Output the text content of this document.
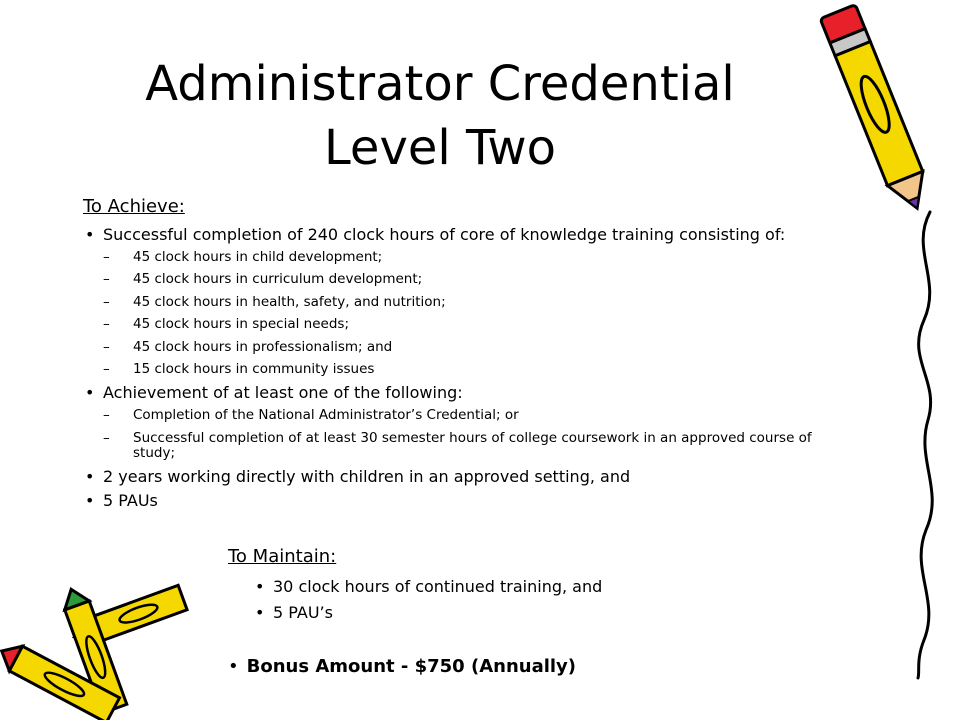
Administrator Credential
Level Two
To Achieve:
• Successful completion of 240 clock hours of core of knowledge training consisting of:
– 45 clock hours in child development;
– 45 clock hours in curriculum development;
– 45 clock hours in health, safety, and nutrition;
– 45 clock hours in special needs;
– 45 clock hours in professionalism; and
– 15 clock hours in community issues
• Achievement of at least one of the following:
– Completion of the National Administrator’s Credential; or
– Successful completion of at least 30 semester hours of college coursework in an approved course of study;
• 2 years working directly with children in an approved setting, and
• 5 PAUs
To Maintain:
• 30 clock hours of continued training, and
• 5 PAU’s
• Bonus Amount - $750 (Annually)
